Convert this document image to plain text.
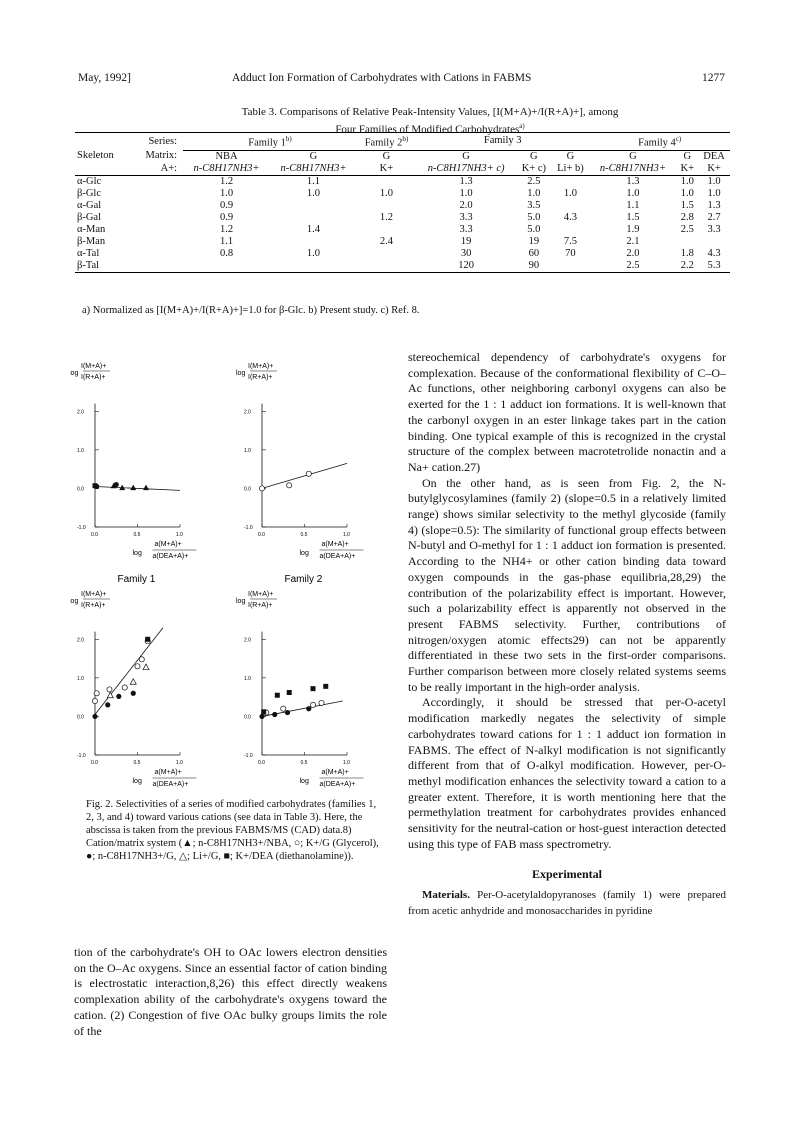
May, 1992]	Adduct Ion Formation of Carbohydrates with Cations in FABMS	1277
Table 3. Comparisons of Relative Peak-Intensity Values, [I(M+A)+/I(R+A)+], among
Four Families of Modified Carbohydrates$^{a)}$
	Series:	Family 1$^{b)}$		Family 2$^{b)}$	Family 3			Family 4$^{c)}$
Skeleton	Matrix:	NBA	G	G	G	G	G	G	G	DEA
	A+:	n-C8H17NH3+	n-C8H17NH3+	K+	n-C8H17NH3+ c)	K+ c)	Li+ b)	n-C8H17NH3+	K+	K+
α-Glc		1.2	1.1		1.3	2.5		1.3	1.0	1.0
β-Glc		1.0	1.0	1.0	1.0	1.0	1.0	1.0	1.0	1.0
α-Gal		0.9			2.0	3.5		1.1	1.5	1.3
β-Gal		0.9		1.2	3.3	5.0	4.3	1.5	2.8	2.7
α-Man		1.2	1.4		3.3	5.0		1.9	2.5	3.3
β-Man		1.1		2.4	19	19	7.5	2.1		
α-Tal		0.8	1.0		30	60	70	2.0	1.8	4.3
β-Tal					120	90		2.5	2.2	5.3
a) Normalized as [I(M+A)+/I(R+A)+]=1.0 for β-Glc. b) Present study. c) Ref. 8.
I(M+A)+
I(R+A)+
og
2.0
1.0
0.0
-1.0
0.0	0.5	1.0
log
a(M+A)+
a(DEA+A)+
Family 1
I(M+A)+
I(R+A)+
log
2.0
1.0
0.0
-1.0
0.0	0.5	1.0
log
a(M+A)+
a(DEA+A)+
Family 2
I(M+A)+
I(R+A)+
og
2.0
1.0
0.0
-1.0
0.0	0.5	1.0
log
a(M+A)+
a(DEA+A)+
I(M+A)+
I(R+A)+
log
2.0
1.0
0.0
-1.0
0.0	0.5	1.0
log
a(M+A)+
a(DEA+A)+
Fig. 2. Selectivities of a series of modified carbohydrates (families 1, 2, 3, and 4) toward various cations (see data in Table 3). Here, the abscissa is taken from the previous FABMS/MS (CAD) data.8) Cation/matrix system (▲; n-C8H17NH3+/NBA, ○; K+/G (Glycerol), ●; n-C8H17NH3+/G, △; Li+/G, ■; K+/DEA (diethanolamine)).

tion of the carbohydrate's OH to OAc lowers electron densities on the O–Ac oxygens. Since an essential factor of cation binding is electrostatic interaction,8,26) this effect directly weakens complexation ability of the carbohydrate's oxygens toward the cation. (2) Congestion of five OAc bulky groups limits the role of the

stereochemical dependency of carbohydrate's oxygens for complexation. Because of the conformational flexibility of C–O–Ac functions, other neighboring carbonyl oxygens can also be exerted for the 1 : 1 adduct ion formations. It is well-known that the carbonyl oxygen in an ester linkage takes part in the cation binding. One typical example of this is recognized in the crystal structure of the complex between macrotetrolide nonactin and a Na+ cation.27)

On the other hand, as is seen from Fig. 2, the N-butylglycosylamines (family 2) (slope=0.5 in a relatively limited range) shows similar selectivity to the methyl glycoside (family 4) (slope=0.5): The similarity of functional group effects between N-butyl and O-methyl for 1 : 1 adduct ion formation is presented. According to the NH4+ or other cation binding data toward oxygen compounds in the gas-phase equilibria,28,29) the contribution of the polarizability effect is important. However, such a polarizability effect is apparently not observed in the present FABMS selectivity. Further, contributions of nitrogen/oxygen atomic effects29) can not be apparently differentiated in these two sets in the first-order comparisons. Further comparison between more closely related systems seems to be really important in the high-order analysis.

Accordingly, it should be stressed that per-O-acetyl modification markedly negates the selectivity of simple carbohydrates toward cations for 1 : 1 adduct ion formation in FABMS. The effect of N-alkyl modification is not significantly different from that of O-alkyl modification. However, per-O-methyl modification enhances the selectivity toward a cation to a greater extent. Therefore, it is worth mentioning here that the permethylation treatment for carbohydrates provides enhanced sensitivity for the neutral-cation or host-guest interaction detected using this type of FAB mass spectrometry.

Experimental

Materials. Per-O-acetylaldopyranoses (family 1) were prepared from acetic anhydride and monosaccharides in pyridine
